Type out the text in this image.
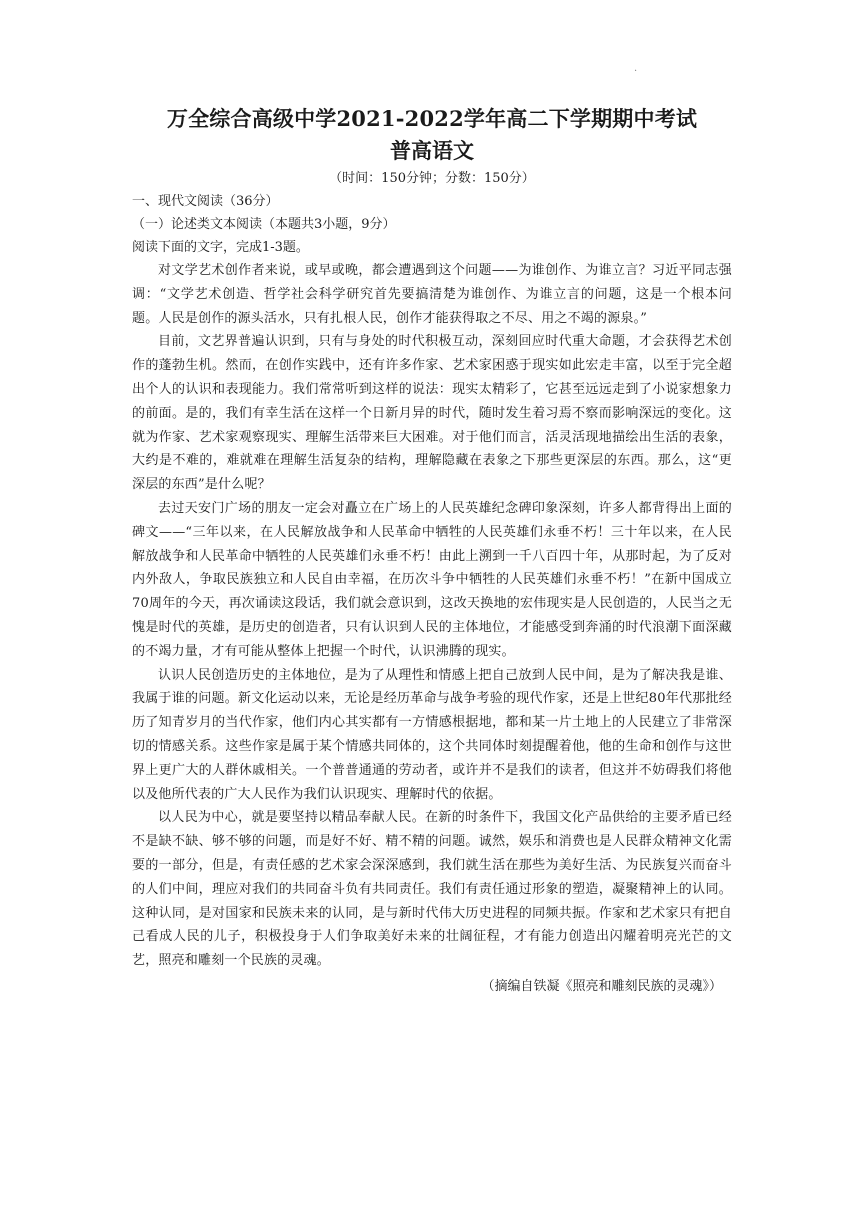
·
万全综合高级中学2021-2022学年高二下学期期中考试
普高语文

（时间：150分钟；分数：150分）

一、现代文阅读（36分）

（一）论述类文本阅读（本题共3小题，9分）

阅读下面的文字，完成1-3题。

对文学艺术创作者来说，或早或晚，都会遭遇到这个问题——为谁创作、为谁立言？习近平同志强调：“文学艺术创造、哲学社会科学研究首先要搞清楚为谁创作、为谁立言的问题，这是一个根本问题。人民是创作的源头活水，只有扎根人民，创作才能获得取之不尽、用之不竭的源泉。”

目前，文艺界普遍认识到，只有与身处的时代积极互动，深刻回应时代重大命题，才会获得艺术创作的蓬勃生机。然而，在创作实践中，还有许多作家、艺术家困惑于现实如此宏走丰富，以至于完全超出个人的认识和表现能力。我们常常听到这样的说法：现实太精彩了，它甚至远远走到了小说家想象力的前面。是的，我们有幸生活在这样一个日新月异的时代，随时发生着习焉不察而影响深远的变化。这就为作家、艺术家观察现实、理解生活带来巨大困难。对于他们而言，活灵活现地描绘出生活的表象，大约是不难的，难就难在理解生活复杂的结构，理解隐藏在表象之下那些更深层的东西。那么，这“更深层的东西”是什么呢？

去过天安门广场的朋友一定会对矗立在广场上的人民英雄纪念碑印象深刻，许多人都背得出上面的碑文——“三年以来，在人民解放战争和人民革命中牺牲的人民英雄们永垂不朽！三十年以来，在人民解放战争和人民革命中牺牲的人民英雄们永垂不朽！由此上溯到一千八百四十年，从那时起，为了反对内外敌人，争取民族独立和人民自由幸福，在历次斗争中牺牲的人民英雄们永垂不朽！”在新中国成立70周年的今天，再次诵读这段话，我们就会意识到，这改天换地的宏伟现实是人民创造的，人民当之无愧是时代的英雄，是历史的创造者，只有认识到人民的主体地位，才能感受到奔涌的时代浪潮下面深藏的不竭力量，才有可能从整体上把握一个时代，认识沸腾的现实。

认识人民创造历史的主体地位，是为了从理性和情感上把自己放到人民中间，是为了解决我是谁、我属于谁的问题。新文化运动以来，无论是经历革命与战争考验的现代作家，还是上世纪80年代那批经历了知青岁月的当代作家，他们内心其实都有一方情感根据地，都和某一片土地上的人民建立了非常深切的情感关系。这些作家是属于某个情感共同体的，这个共同体时刻提醒着他，他的生命和创作与这世界上更广大的人群休戚相关。一个普普通通的劳动者，或许并不是我们的读者，但这并不妨碍我们将他以及他所代表的广大人民作为我们认识现实、理解时代的依据。

以人民为中心，就是要坚持以精品奉献人民。在新的时条件下，我国文化产品供给的主要矛盾已经不是缺不缺、够不够的问题，而是好不好、精不精的问题。诚然，娱乐和消费也是人民群众精神文化需要的一部分，但是，有责任感的艺术家会深深感到，我们就生活在那些为美好生活、为民族复兴而奋斗的人们中间，理应对我们的共同奋斗负有共同责任。我们有责任通过形象的塑造，凝聚精神上的认同。这种认同，是对国家和民族未来的认同，是与新时代伟大历史进程的同频共振。作家和艺术家只有把自己看成人民的儿子，积极投身于人们争取美好未来的壮阔征程，才有能力创造出闪耀着明亮光芒的文艺，照亮和雕刻一个民族的灵魂。

（摘编自铁凝《照亮和雕刻民族的灵魂》）
